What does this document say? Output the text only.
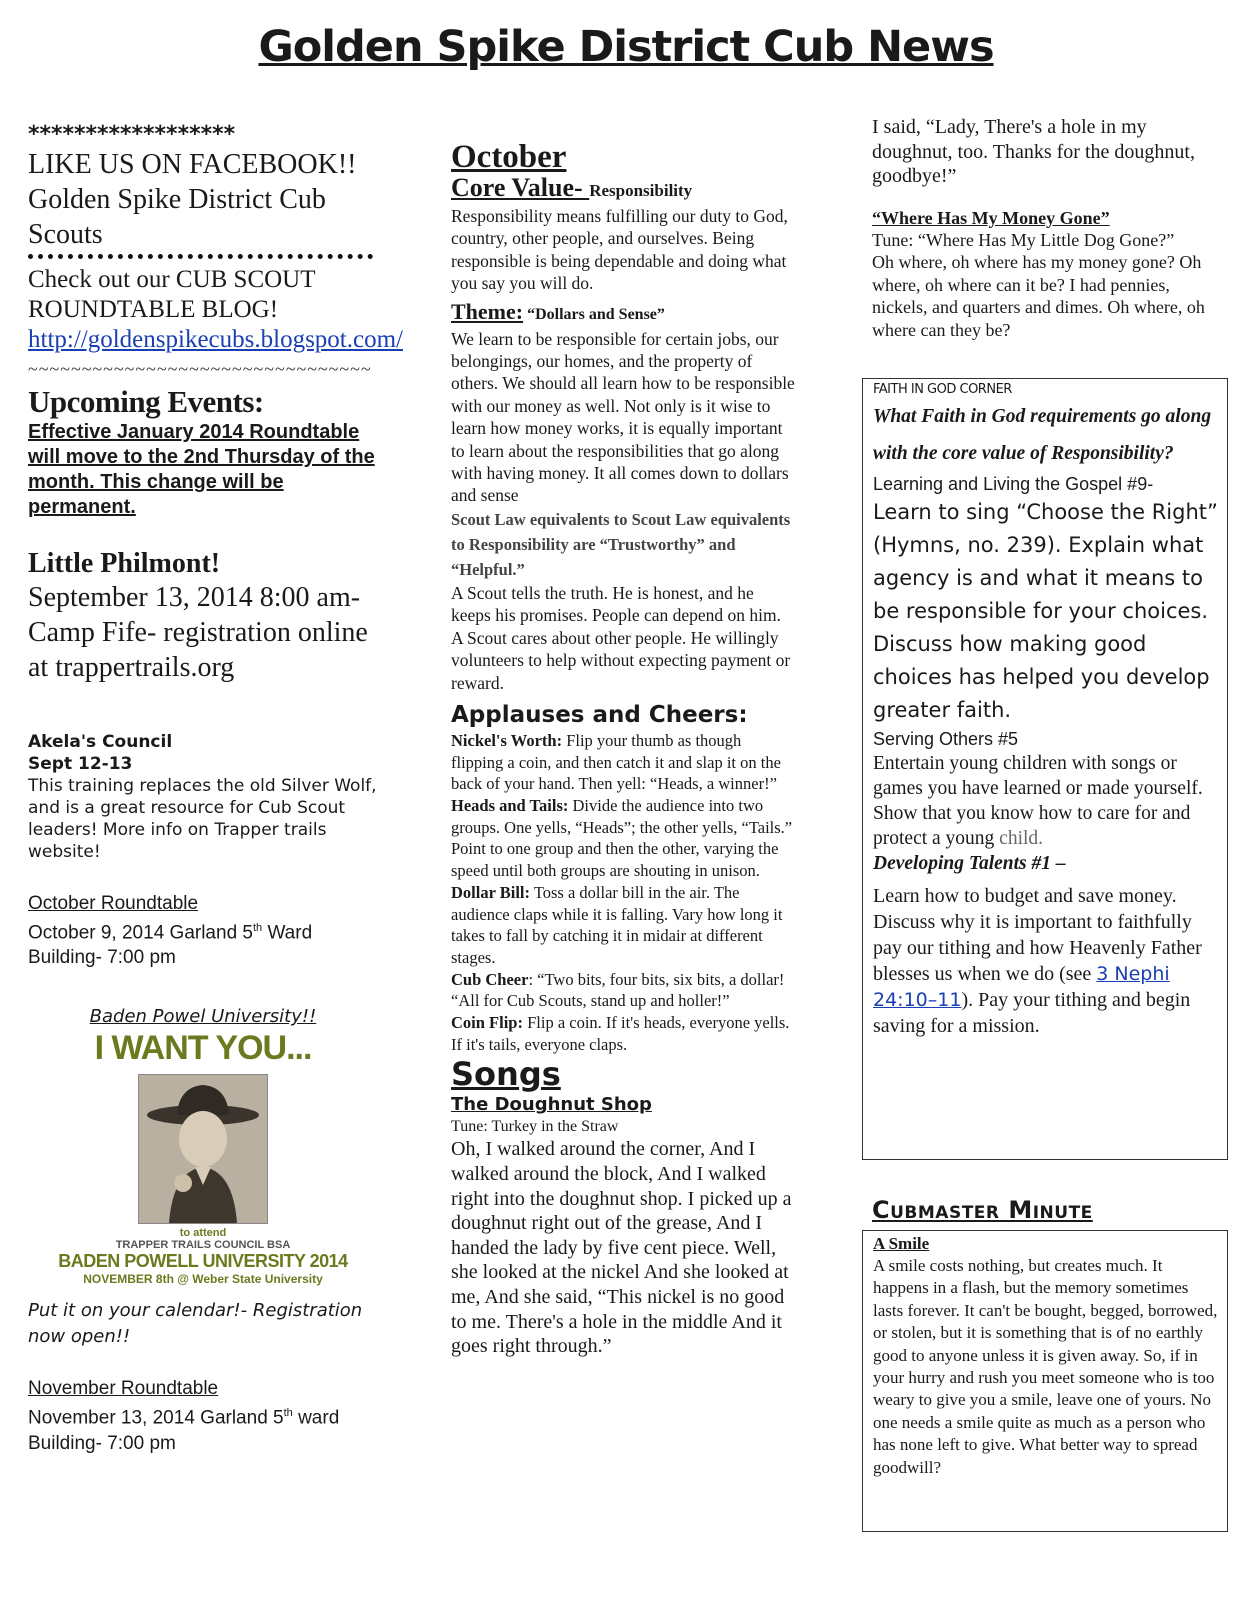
Golden Spike District Cub News
******************

LIKE US ON FACEBOOK!! Golden Spike District Cub Scouts

Check out our CUB SCOUT ROUNDTABLE BLOG!

http://goldenspikecubs.blogspot.com/

~~~~~~~~~~~~~~~~~~~~~~~~~~~~~~~~
Upcoming Events:

Effective January 2014 Roundtable will move to the 2nd Thursday of the month. This change will be permanent.

Little Philmont!

September 13, 2014 8:00 am- Camp Fife- registration online at trappertrails.org

Akela's Council
Sept 12-13

This training replaces the old Silver Wolf, and is a great resource for Cub Scout leaders! More info on Trapper trails website!

October Roundtable

October 9, 2014 Garland 5th Ward Building- 7:00 pm

Baden Powel University!!
I WANT YOU...
to attend
TRAPPER TRAILS COUNCIL BSA
BADEN POWELL UNIVERSITY 2014
NOVEMBER 8th @ Weber State University

Put it on your calendar!- Registration now open!!

November Roundtable

November 13, 2014 Garland 5th ward Building- 7:00 pm

October
Core Value- Responsibility

Responsibility means fulfilling our duty to God, country, other people, and ourselves. Being responsible is being dependable and doing what you say you will do.

Theme: “Dollars and Sense”

We learn to be responsible for certain jobs, our belongings, our homes, and the property of others. We should all learn how to be responsible with our money as well. Not only is it wise to learn how money works, it is equally important to learn about the responsibilities that go along with having money. It all comes down to dollars and sense

Scout Law equivalents to Scout Law equivalents to Responsibility are “Trustworthy” and “Helpful.”

A Scout tells the truth. He is honest, and he keeps his promises. People can depend on him. A Scout cares about other people. He willingly volunteers to help without expecting payment or reward.

Applauses and Cheers:

Nickel's Worth: Flip your thumb as though flipping a coin, and then catch it and slap it on the back of your hand. Then yell: “Heads, a winner!”

Heads and Tails: Divide the audience into two groups. One yells, “Heads”; the other yells, “Tails.” Point to one group and then the other, varying the speed until both groups are shouting in unison.

Dollar Bill: Toss a dollar bill in the air. The audience claps while it is falling. Vary how long it takes to fall by catching it in midair at different stages.

Cub Cheer: “Two bits, four bits, six bits, a dollar! “All for Cub Scouts, stand up and holler!”

Coin Flip: Flip a coin. If it's heads, everyone yells. If it's tails, everyone claps.

Songs
The Doughnut Shop

Tune: Turkey in the Straw

Oh, I walked around the corner, And I walked around the block, And I walked right into the doughnut shop. I picked up a doughnut right out of the grease, And I handed the lady by five cent piece. Well, she looked at the nickel And she looked at me, And she said, “This nickel is no good to me. There's a hole in the middle And it goes right through.”

I said, “Lady, There's a hole in my doughnut, too. Thanks for the doughnut, goodbye!”

“Where Has My Money Gone”

Tune: “Where Has My Little Dog Gone?”

Oh where, oh where has my money gone? Oh where, oh where can it be? I had pennies, nickels, and quarters and dimes. Oh where, oh where can they be?

FAITH IN GOD CORNER

What Faith in God requirements go along with the core value of Responsibility?

Learning and Living the Gospel #9-

Learn to sing “Choose the Right” (Hymns, no. 239). Explain what agency is and what it means to be responsible for your choices. Discuss how making good choices has helped you develop greater faith.

Serving Others #5

Entertain young children with songs or games you have learned or made yourself. Show that you know how to care for and protect a young child.

Developing Talents #1 –

Learn how to budget and save money. Discuss why it is important to faithfully pay our tithing and how Heavenly Father blesses us when we do (see 3 Nephi 24:10–11). Pay your tithing and begin saving for a mission.

Cubmaster Minute

A Smile

A smile costs nothing, but creates much. It happens in a flash, but the memory sometimes lasts forever. It can't be bought, begged, borrowed, or stolen, but it is something that is of no earthly good to anyone unless it is given away. So, if in your hurry and rush you meet someone who is too weary to give you a smile, leave one of yours. No one needs a smile quite as much as a person who has none left to give. What better way to spread goodwill?
